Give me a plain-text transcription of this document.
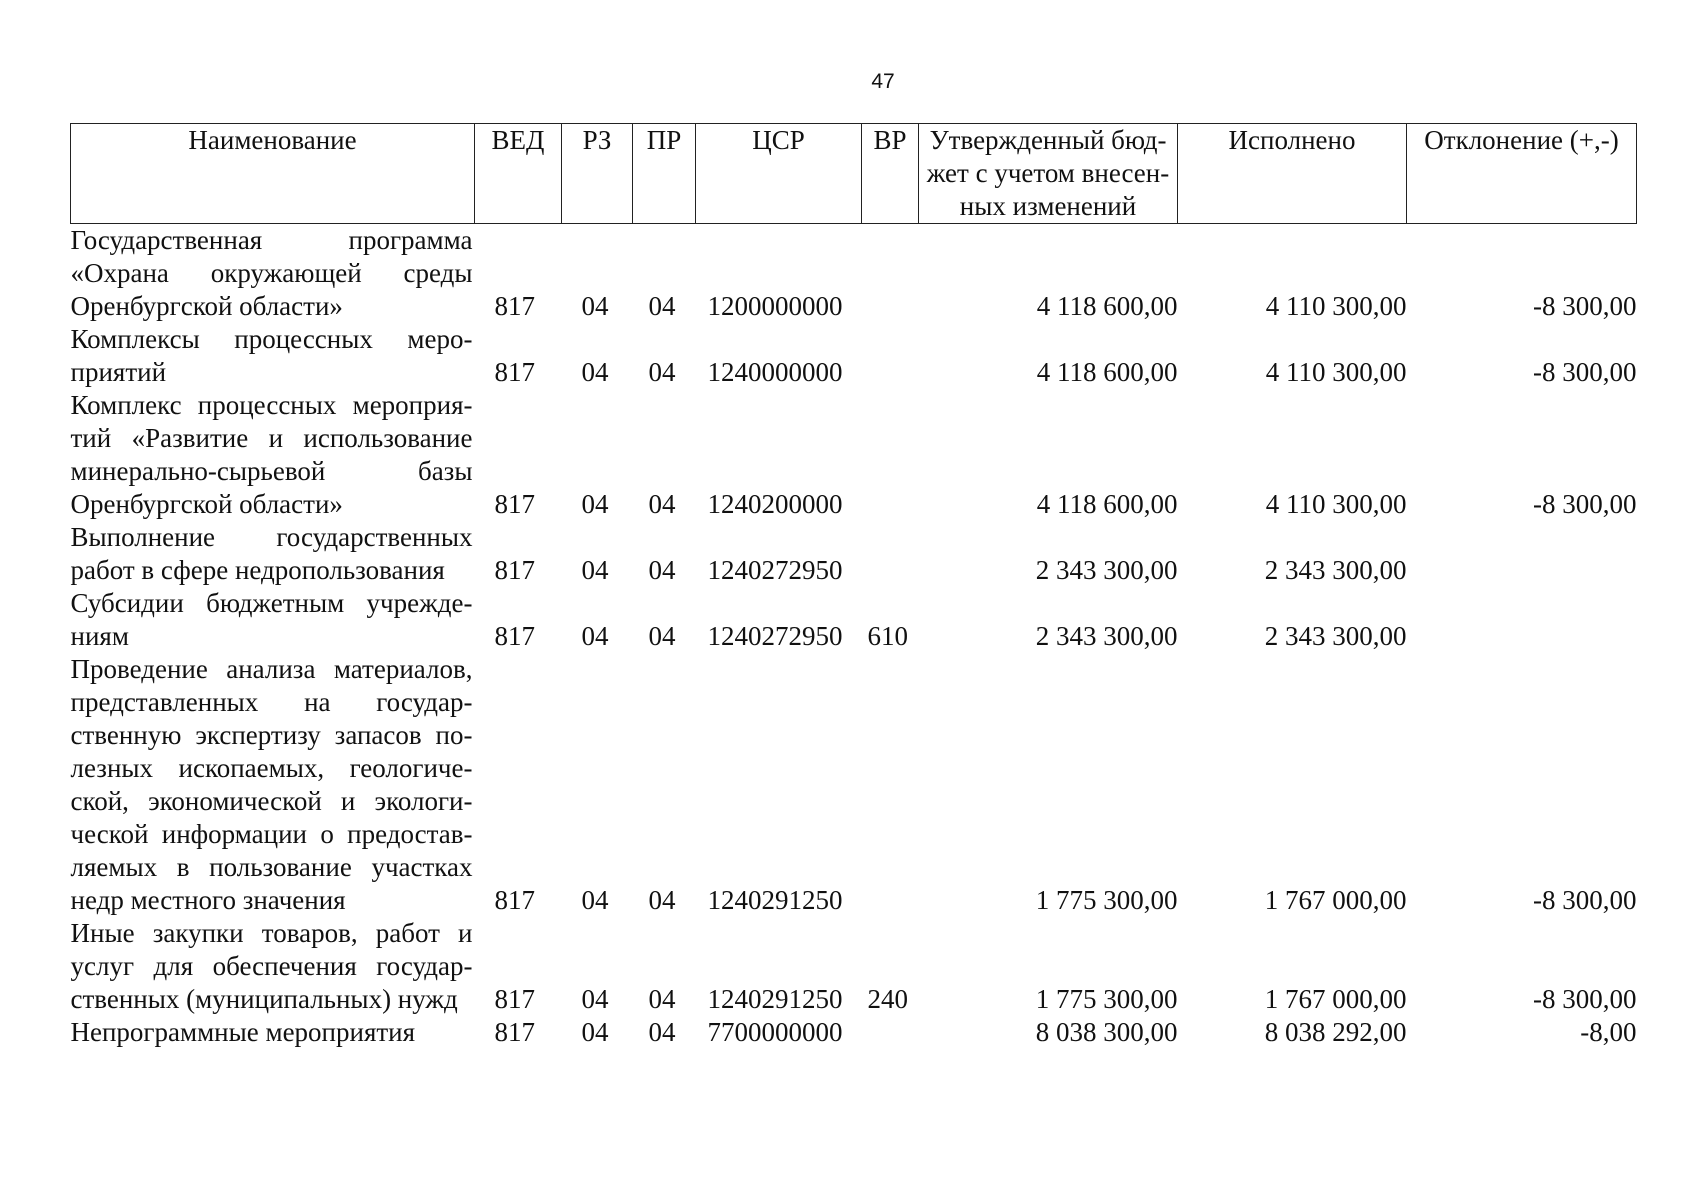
47
Наименование	ВЕД	РЗ	ПР	ЦСР	ВР	Утвержденный бюд-
жет с учетом внесен-
ных изменений	Исполнено	Отклонение (+,-)
Государственная программа «Охрана окружающей среды Оренбургской области»	817	04	04	1200000000		4 118 600,00	4 110 300,00	-8 300,00
Комплексы процессных мероприятий	817	04	04	1240000000		4 118 600,00	4 110 300,00	-8 300,00
Комплекс процессных мероприятий «Развитие и использование минерально-сырьевой базы Оренбургской области»	817	04	04	1240200000		4 118 600,00	4 110 300,00	-8 300,00
Выполнение государственных работ в сфере недропользования	817	04	04	1240272950		2 343 300,00	2 343 300,00	
Субсидии бюджетным учреждениям	817	04	04	1240272950	610	2 343 300,00	2 343 300,00	
Проведение анализа материалов, представленных на государственную экспертизу запасов полезных ископаемых, геологической, экономической и экологической информации о предоставляемых в пользование участках недр местного значения	817	04	04	1240291250		1 775 300,00	1 767 000,00	-8 300,00
Иные закупки товаров, работ и услуг для обеспечения государственных (муниципальных) нужд	817	04	04	1240291250	240	1 775 300,00	1 767 000,00	-8 300,00
Непрограммные мероприятия	817	04	04	7700000000		8 038 300,00	8 038 292,00	-8,00
